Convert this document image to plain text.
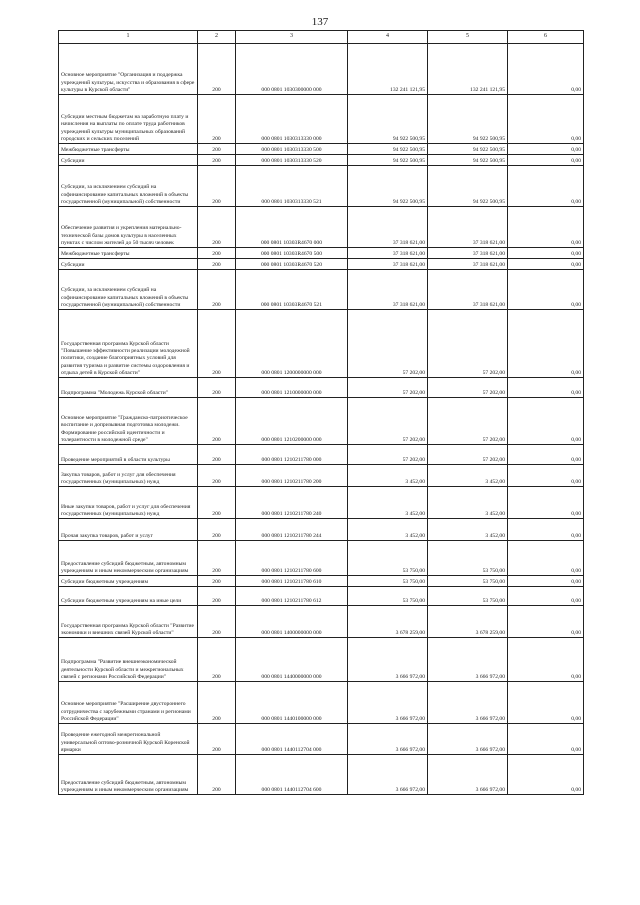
137
1	2	3	4	5	6
Основное мероприятие "Организация и поддержка учреждений культуры, искусства и образования в сфере культуры в Курской области"	200	000 0801 1030300000 000	132 241 121,95	132 241 121,95	0,00
Субсидии местным бюджетам на заработную плату и начисления на выплаты по оплате труда работников учреждений культуры муниципальных образований городских и сельских поселений	200	000 0801 1030313330 000	94 922 500,95	94 922 500,95	0,00
Межбюджетные трансферты	200	000 0801 1030313330 500	94 922 500,95	94 922 500,95	0,00
Субсидии	200	000 0801 1030313330 520	94 922 500,95	94 922 500,95	0,00
Субсидии, за исключением субсидий на софинансирование капитальных вложений в объекты государственной (муниципальной) собственности	200	000 0801 1030313330 521	94 922 500,95	94 922 500,95	0,00
Обеспечение развития и укрепления материально-технической базы домов культуры в населенных пунктах с числом жителей до 50 тысяч человек	200	000 0801 10303R4670 000	37 318 621,00	37 318 621,00	0,00
Межбюджетные трансферты	200	000 0801 10303R4670 500	37 318 621,00	37 318 621,00	0,00
Субсидии	200	000 0801 10303R4670 520	37 318 621,00	37 318 621,00	0,00
Субсидии, за исключением субсидий на софинансирование капитальных вложений в объекты государственной (муниципальной) собственности	200	000 0801 10303R4670 521	37 318 621,00	37 318 621,00	0,00
Государственная программа Курской области "Повышение эффективности реализации молодежной политики, создание благоприятных условий для развития туризма и развитие системы оздоровления и отдыха детей в Курской области"	200	000 0801 1200000000 000	57 202,00	57 202,00	0,00
Подпрограмма "Молодежь Курской области"	200	000 0801 1210000000 000	57 202,00	57 202,00	0,00
Основное мероприятие "Гражданско-патриотическое воспитание и допризывная подготовка молодежи. Формирование российской идентичности и толерантности в молодежной среде"	200	000 0801 1210200000 000	57 202,00	57 202,00	0,00
Проведение мероприятий в области культуры	200	000 0801 1210211780 000	57 202,00	57 202,00	0,00
Закупка товаров, работ и услуг для обеспечения государственных (муниципальных) нужд	200	000 0801 1210211780 200	3 452,00	3 452,00	0,00
Иные закупки товаров, работ и услуг для обеспечения государственных (муниципальных) нужд	200	000 0801 1210211780 240	3 452,00	3 452,00	0,00
Прочая закупка товаров, работ и услуг	200	000 0801 1210211780 244	3 452,00	3 452,00	0,00
Предоставление субсидий бюджетным, автономным учреждениям и иным некоммерческим организациям	200	000 0801 1210211780 600	53 750,00	53 750,00	0,00
Субсидии бюджетным учреждениям	200	000 0801 1210211780 610	53 750,00	53 750,00	0,00
Субсидии бюджетным учреждениям на иные цели	200	000 0801 1210211780 612	53 750,00	53 750,00	0,00
Государственная программа Курской области "Развитие экономики и внешних связей Курской области"	200	000 0801 1400000000 000	3 678 259,00	3 678 259,00	0,00
Подпрограмма "Развитие внешнеэкономической деятельности Курской области и межрегиональных связей с регионами Российской Федерации"	200	000 0801 1440000000 000	3 666 972,00	3 666 972,00	0,00
Основное мероприятие "Расширение двустороннего сотрудничества с зарубежными странами и регионами Российской Федерации"	200	000 0801 1440100000 000	3 666 972,00	3 666 972,00	0,00
Проведение ежегодной межрегиональной универсальной оптово-розничной Курской Коренской ярмарки	200	000 0801 1440112704 000	3 666 972,00	3 666 972,00	0,00
Предоставление субсидий бюджетным, автономным учреждениям и иным некоммерческим организациям	200	000 0801 1440112704 600	3 666 972,00	3 666 972,00	0,00
